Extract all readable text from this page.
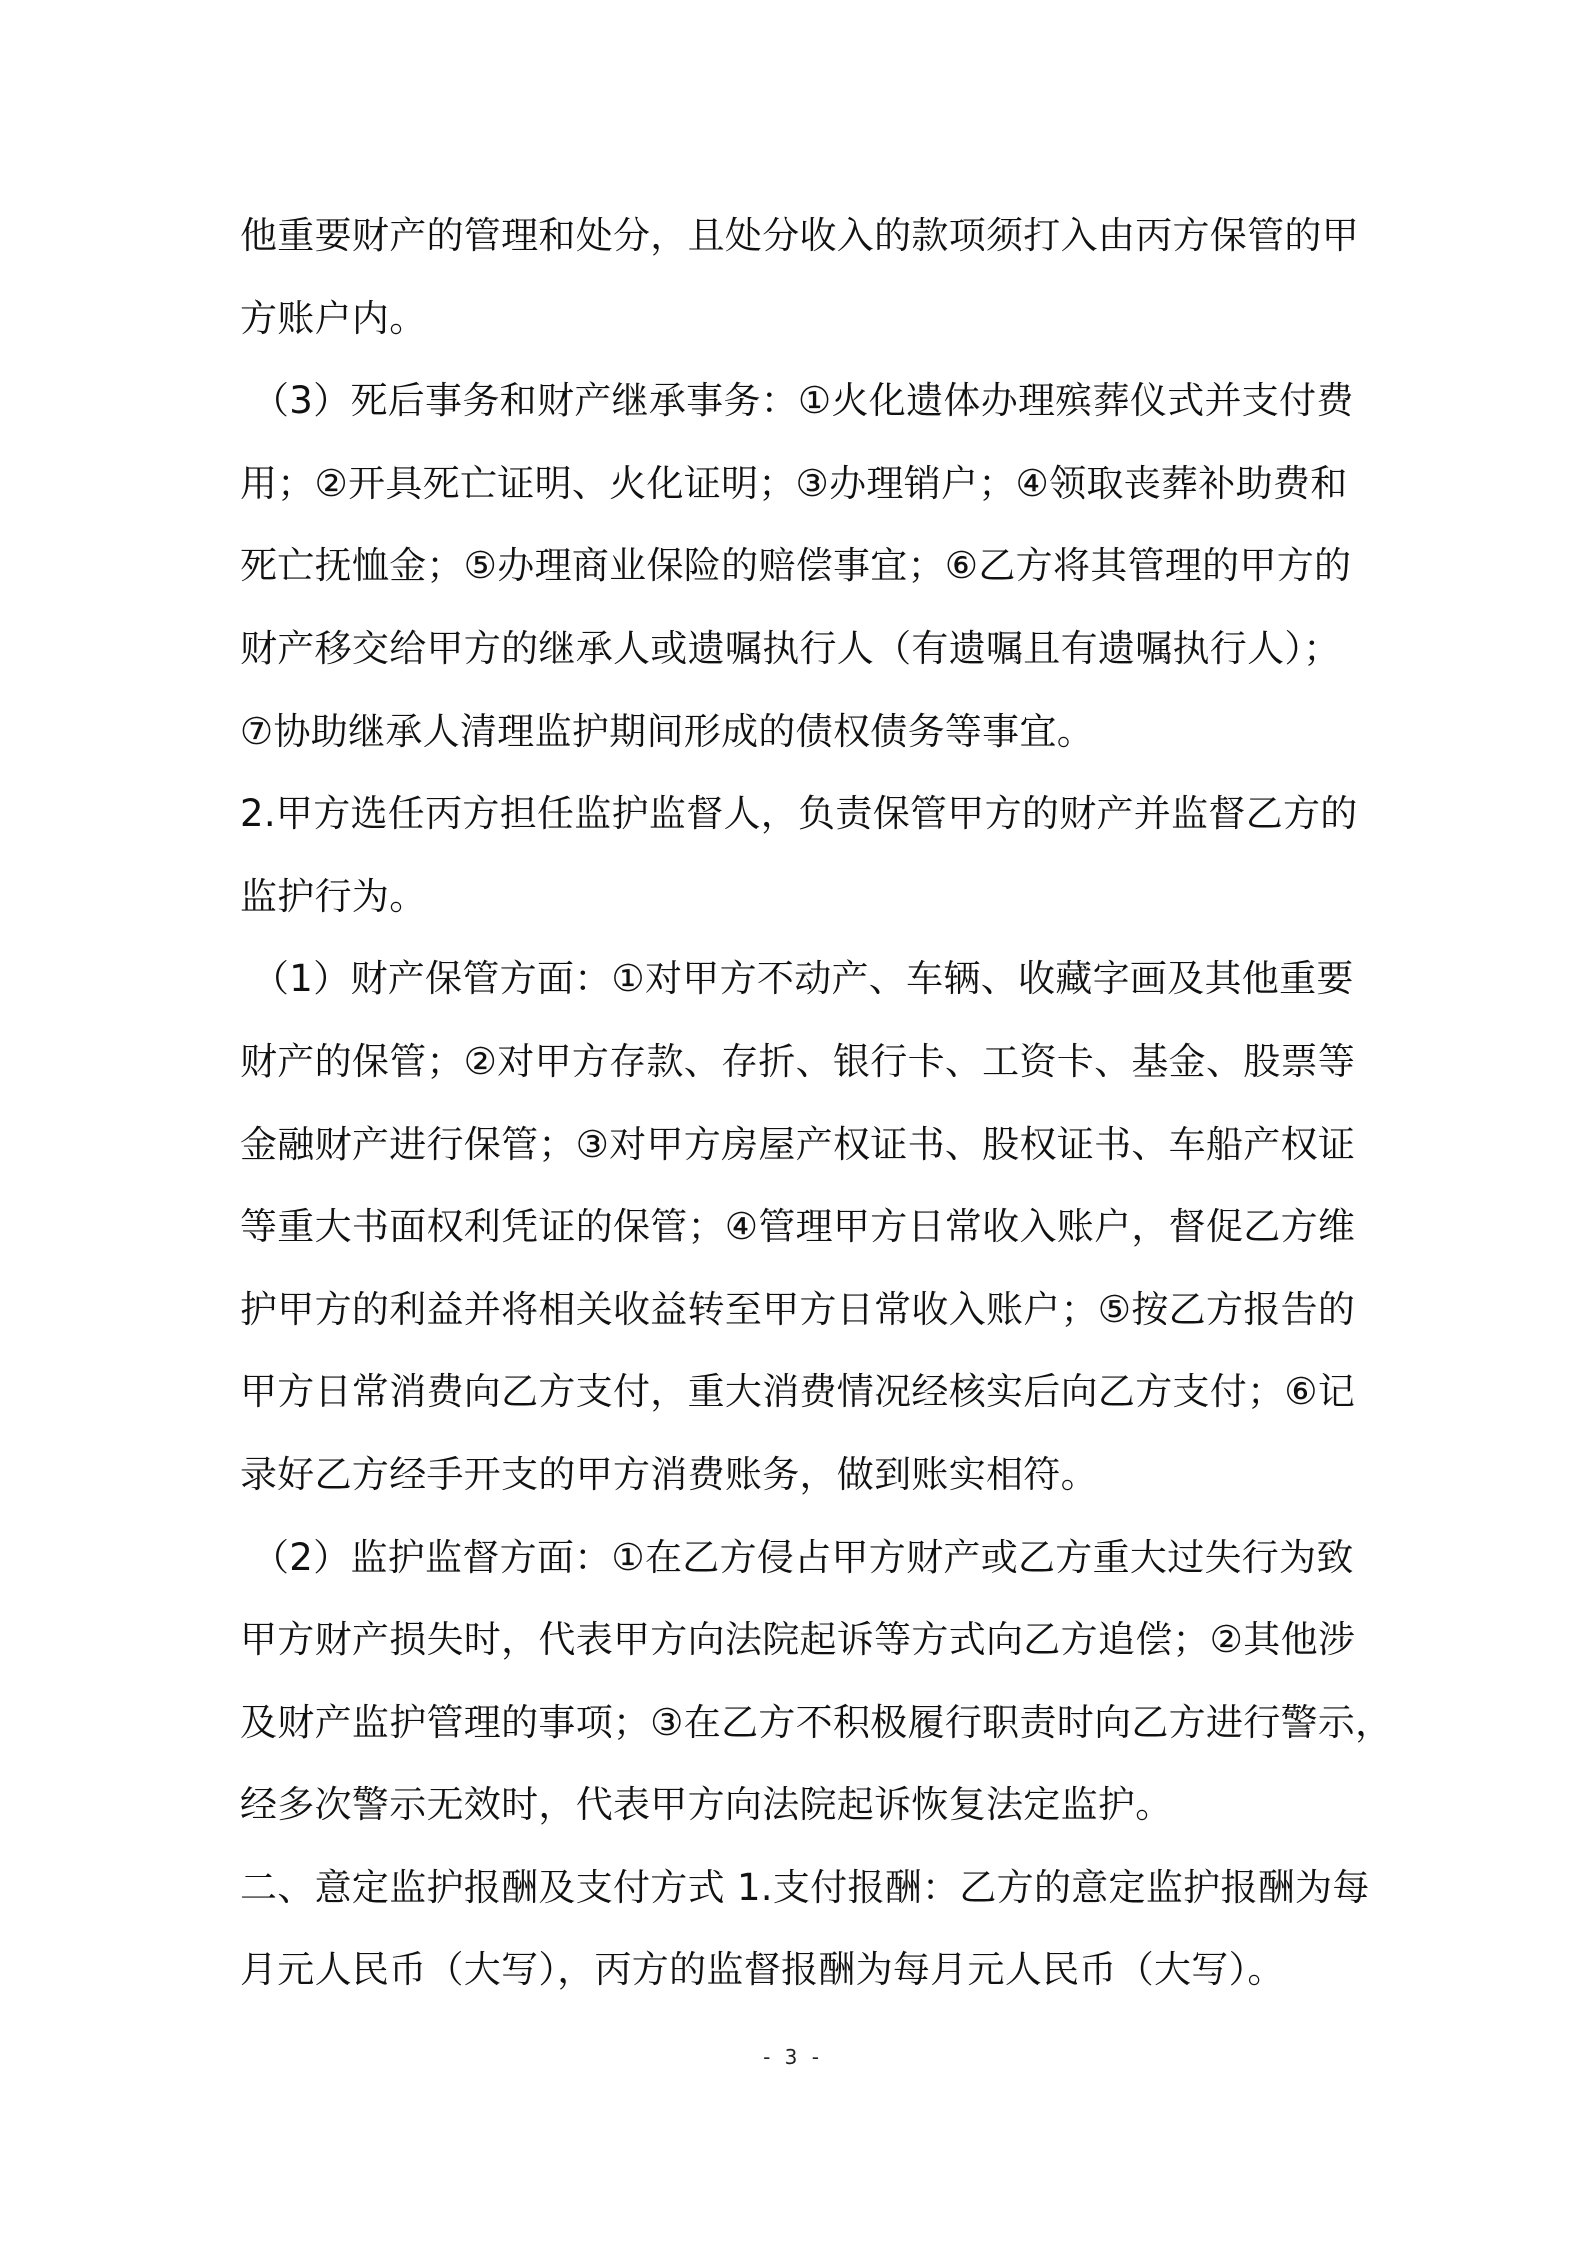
他重要财产的管理和处分，且处分收入的款项须打入由丙方保管的甲
方账户内。
（3）死后事务和财产继承事务：①火化遗体办理殡葬仪式并支付费
用；②开具死亡证明、火化证明；③办理销户；④领取丧葬补助费和
死亡抚恤金；⑤办理商业保险的赔偿事宜；⑥乙方将其管理的甲方的
财产移交给甲方的继承人或遗嘱执行人（有遗嘱且有遗嘱执行人）；
⑦协助继承人清理监护期间形成的债权债务等事宜。
2.甲方选任丙方担任监护监督人，负责保管甲方的财产并监督乙方的
监护行为。
（1）财产保管方面：①对甲方不动产、车辆、收藏字画及其他重要
财产的保管；②对甲方存款、存折、银行卡、工资卡、基金、股票等
金融财产进行保管；③对甲方房屋产权证书、股权证书、车船产权证
等重大书面权利凭证的保管；④管理甲方日常收入账户，督促乙方维
护甲方的利益并将相关收益转至甲方日常收入账户；⑤按乙方报告的
甲方日常消费向乙方支付，重大消费情况经核实后向乙方支付；⑥记
录好乙方经手开支的甲方消费账务，做到账实相符。
（2）监护监督方面：①在乙方侵占甲方财产或乙方重大过失行为致
甲方财产损失时，代表甲方向法院起诉等方式向乙方追偿；②其他涉
及财产监护管理的事项；③在乙方不积极履行职责时向乙方进行警示，
经多次警示无效时，代表甲方向法院起诉恢复法定监护。
二、意定监护报酬及支付方式 1.支付报酬：乙方的意定监护报酬为每
月元人民币（大写），丙方的监督报酬为每月元人民币（大写）。
- 3 -
